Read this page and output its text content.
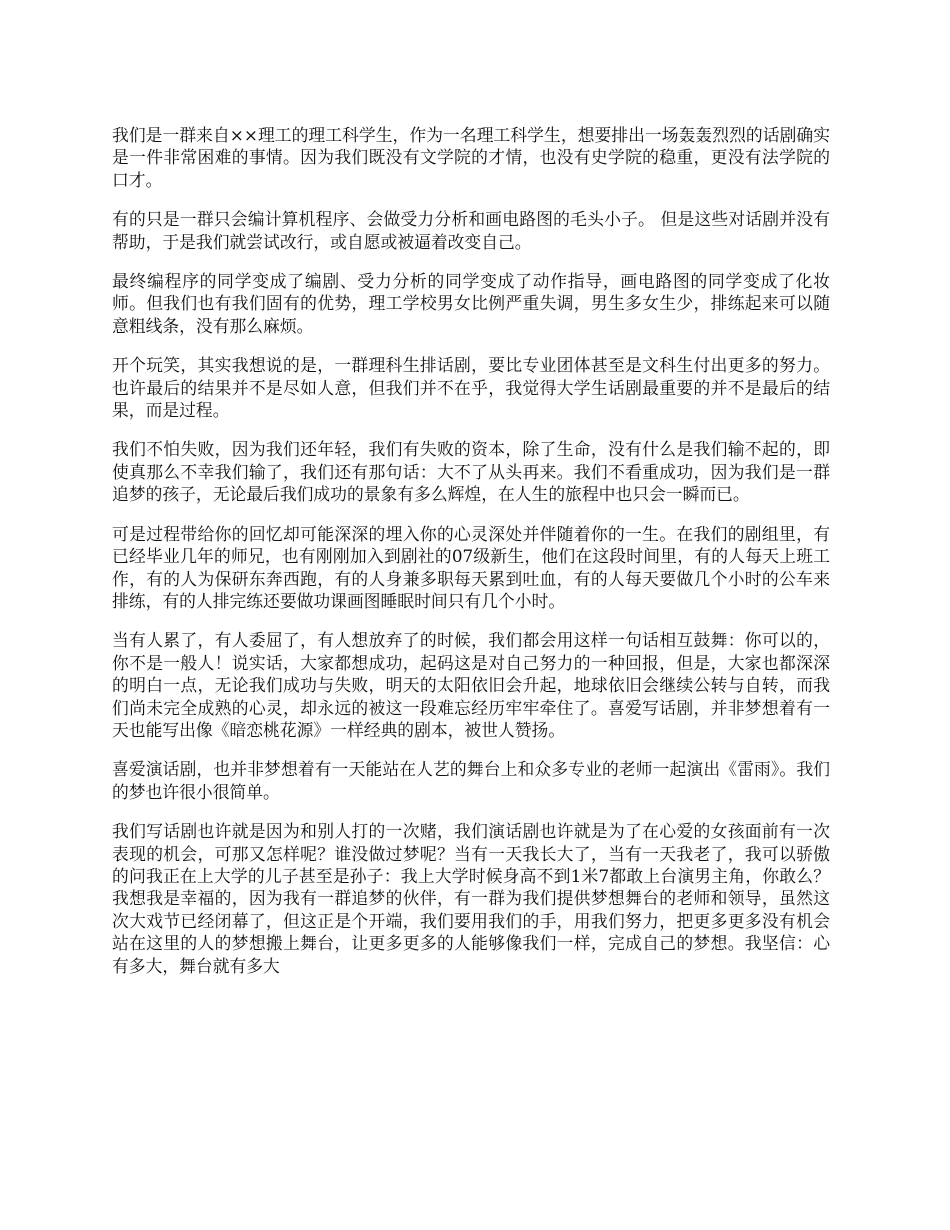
我们是一群来自××理工的理工科学生，作为一名理工科学生，想要排出一场轰轰烈烈的话剧确实是一件非常困难的事情。因为我们既没有文学院的才情，也没有史学院的稳重，更没有法学院的口才。

有的只是一群只会编计算机程序、会做受力分析和画电路图的毛头小子。 但是这些对话剧并没有帮助，于是我们就尝试改行，或自愿或被逼着改变自己。

最终编程序的同学变成了编剧、受力分析的同学变成了动作指导，画电路图的同学变成了化妆师。但我们也有我们固有的优势，理工学校男女比例严重失调，男生多女生少，排练起来可以随意粗线条，没有那么麻烦。

开个玩笑，其实我想说的是，一群理科生排话剧，要比专业团体甚至是文科生付出更多的努力。也许最后的结果并不是尽如人意，但我们并不在乎，我觉得大学生话剧最重要的并不是最后的结果，而是过程。

我们不怕失败，因为我们还年轻，我们有失败的资本，除了生命，没有什么是我们输不起的，即使真那么不幸我们输了，我们还有那句话：大不了从头再来。我们不看重成功，因为我们是一群追梦的孩子，无论最后我们成功的景象有多么辉煌，在人生的旅程中也只会一瞬而已。

可是过程带给你的回忆却可能深深的埋入你的心灵深处并伴随着你的一生。在我们的剧组里，有已经毕业几年的师兄，也有刚刚加入到剧社的07级新生，他们在这段时间里，有的人每天上班工作，有的人为保研东奔西跑，有的人身兼多职每天累到吐血，有的人每天要做几个小时的公车来排练，有的人排完练还要做功课画图睡眠时间只有几个小时。

当有人累了，有人委屈了，有人想放弃了的时候，我们都会用这样一句话相互鼓舞：你可以的，你不是一般人！说实话，大家都想成功，起码这是对自己努力的一种回报，但是，大家也都深深的明白一点，无论我们成功与失败，明天的太阳依旧会升起，地球依旧会继续公转与自转，而我们尚未完全成熟的心灵，却永远的被这一段难忘经历牢牢牵住了。喜爱写话剧，并非梦想着有一天也能写出像《暗恋桃花源》一样经典的剧本，被世人赞扬。

喜爱演话剧，也并非梦想着有一天能站在人艺的舞台上和众多专业的老师一起演出《雷雨》。我们的梦也许很小很简单。

我们写话剧也许就是因为和别人打的一次赌，我们演话剧也许就是为了在心爱的女孩面前有一次表现的机会，可那又怎样呢？谁没做过梦呢？当有一天我长大了，当有一天我老了，我可以骄傲的问我正在上大学的儿子甚至是孙子：我上大学时候身高不到1米7都敢上台演男主角，你敢么？我想我是幸福的，因为我有一群追梦的伙伴，有一群为我们提供梦想舞台的老师和领导，虽然这次大戏节已经闭幕了，但这正是个开端，我们要用我们的手，用我们努力，把更多更多没有机会站在这里的人的梦想搬上舞台，让更多更多的人能够像我们一样，完成自己的梦想。我坚信：心有多大，舞台就有多大
